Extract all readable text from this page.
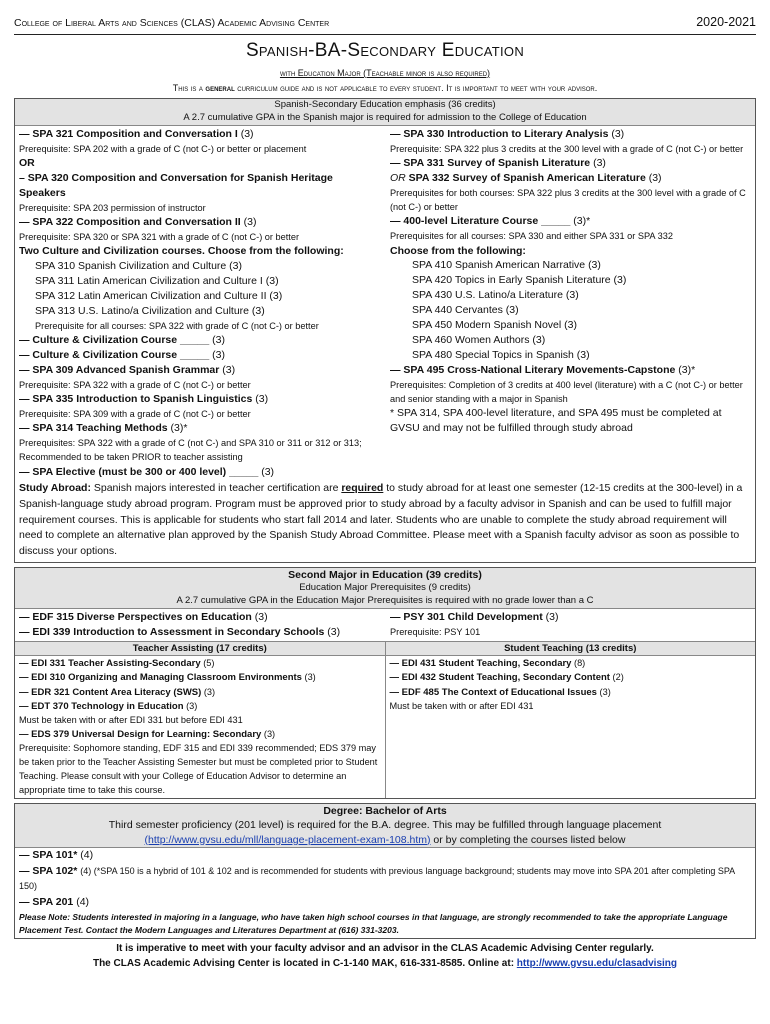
College of Liberal Arts and Sciences (CLAS) Academic Advising Center	2020-2021
Spanish-BA-Secondary Education
with Education Major (Teachable minor is also required)
This is a general curriculum guide and is not applicable to every student. It is important to meet with your advisor.
Spanish-Secondary Education emphasis (36 credits)
A 2.7 cumulative GPA in the Spanish major is required for admission to the College of Education
— SPA 321 Composition and Conversation I (3)
Prerequisite: SPA 202 with a grade of C (not C-) or better or placement
OR
– SPA 320 Composition and Conversation for Spanish Heritage Speakers
Prerequisite: SPA 203 permission of instructor
— SPA 322 Composition and Conversation II (3)
Prerequisite: SPA 320 or SPA 321 with a grade of C (not C-) or better
Two Culture and Civilization courses. Choose from the following:
SPA 310 Spanish Civilization and Culture (3)
SPA 311 Latin American Civilization and Culture I (3)
SPA 312 Latin American Civilization and Culture II (3)
SPA 313 U.S. Latino/a Civilization and Culture (3)
Prerequisite for all courses: SPA 322 with grade of C (not C-) or better
— Culture & Civilization Course _____ (3)
— Culture & Civilization Course _____ (3)
— SPA 309 Advanced Spanish Grammar (3)
Prerequisite: SPA 322 with a grade of C (not C-) or better
— SPA 335 Introduction to Spanish Linguistics (3)
Prerequisite: SPA 309 with a grade of C (not C-) or better
— SPA 314 Teaching Methods (3)*
Prerequisites: SPA 322 with a grade of C (not C-) and SPA 310 or 311 or 312 or 313; Recommended to be taken PRIOR to teacher assisting
— SPA 330 Introduction to Literary Analysis (3)
Prerequisite: SPA 322 plus 3 credits at the 300 level with a grade of C (not C-) or better
— SPA 331 Survey of Spanish Literature (3)
OR SPA 332 Survey of Spanish American Literature (3)
Prerequisites for both courses: SPA 322 plus 3 credits at the 300 level with a grade of C (not C-) or better
— 400-level Literature Course _____ (3)*
Prerequisites for all courses: SPA 330 and either SPA 331 or SPA 332
Choose from the following:
SPA 410 Spanish American Narrative (3)
SPA 420 Topics in Early Spanish Literature (3)
SPA 430 U.S. Latino/a Literature (3)
SPA 440 Cervantes (3)
SPA 450 Modern Spanish Novel (3)
SPA 460 Women Authors (3)
SPA 480 Special Topics in Spanish (3)
— SPA 495 Cross-National Literary Movements-Capstone (3)*
Prerequisites: Completion of 3 credits at 400 level (literature) with a C (not C-) or better and senior standing with a major in Spanish
* SPA 314, SPA 400-level literature, and SPA 495 must be completed at GVSU and may not be fulfilled through study abroad
— SPA Elective (must be 300 or 400 level) _____ (3)
Study Abroad: Spanish majors interested in teacher certification are required to study abroad for at least one semester (12-15 credits at the 300-level) in a Spanish-language study abroad program. Program must be approved prior to study abroad by a faculty advisor in Spanish and can be used to fulfill major requirement courses. This is applicable for students who start fall 2014 and later. Students who are unable to complete the study abroad requirement will need to complete an alternative plan approved by the Spanish Study Abroad Committee. Please meet with a Spanish faculty advisor as soon as possible to discuss your options.
Second Major in Education (39 credits)
Education Major Prerequisites (9 credits)
A 2.7 cumulative GPA in the Education Major Prerequisites is required with no grade lower than a C
— EDF 315 Diverse Perspectives on Education (3)
— EDI 339 Introduction to Assessment in Secondary Schools (3)
— PSY 301 Child Development (3)
Prerequisite: PSY 101
Teacher Assisting (17 credits)
— EDI 331 Teacher Assisting-Secondary (5)
— EDI 310 Organizing and Managing Classroom Environments (3)
— EDR 321 Content Area Literacy (SWS) (3)
— EDT 370 Technology in Education (3)
Must be taken with or after EDI 331 but before EDI 431
— EDS 379 Universal Design for Learning: Secondary (3)
Prerequisite: Sophomore standing, EDF 315 and EDI 339 recommended; EDS 379 may be taken prior to the Teacher Assisting Semester but must be completed prior to Student Teaching. Please consult with your College of Education Advisor to determine an appropriate time to take this course.
Student Teaching (13 credits)
— EDI 431 Student Teaching, Secondary (8)
— EDI 432 Student Teaching, Secondary Content (2)
— EDF 485 The Context of Educational Issues (3)
Must be taken with or after EDI 431
Degree: Bachelor of Arts
Third semester proficiency (201 level) is required for the B.A. degree. This may be fulfilled through language placement
(http://www.gvsu.edu/mll/language-placement-exam-108.htm) or by completing the courses listed below
— SPA 101* (4)
— SPA 102* (4) (*SPA 150 is a hybrid of 101 & 102 and is recommended for students with previous language background; students may move into SPA 201 after completing SPA 150)
— SPA 201 (4)
Please Note: Students interested in majoring in a language, who have taken high school courses in that language, are strongly recommended to take the appropriate Language Placement Test. Contact the Modern Languages and Literatures Department at (616) 331-3203.
It is imperative to meet with your faculty advisor and an advisor in the CLAS Academic Advising Center regularly.
The CLAS Academic Advising Center is located in C-1-140 MAK, 616-331-8585. Online at: http://www.gvsu.edu/clasadvising
